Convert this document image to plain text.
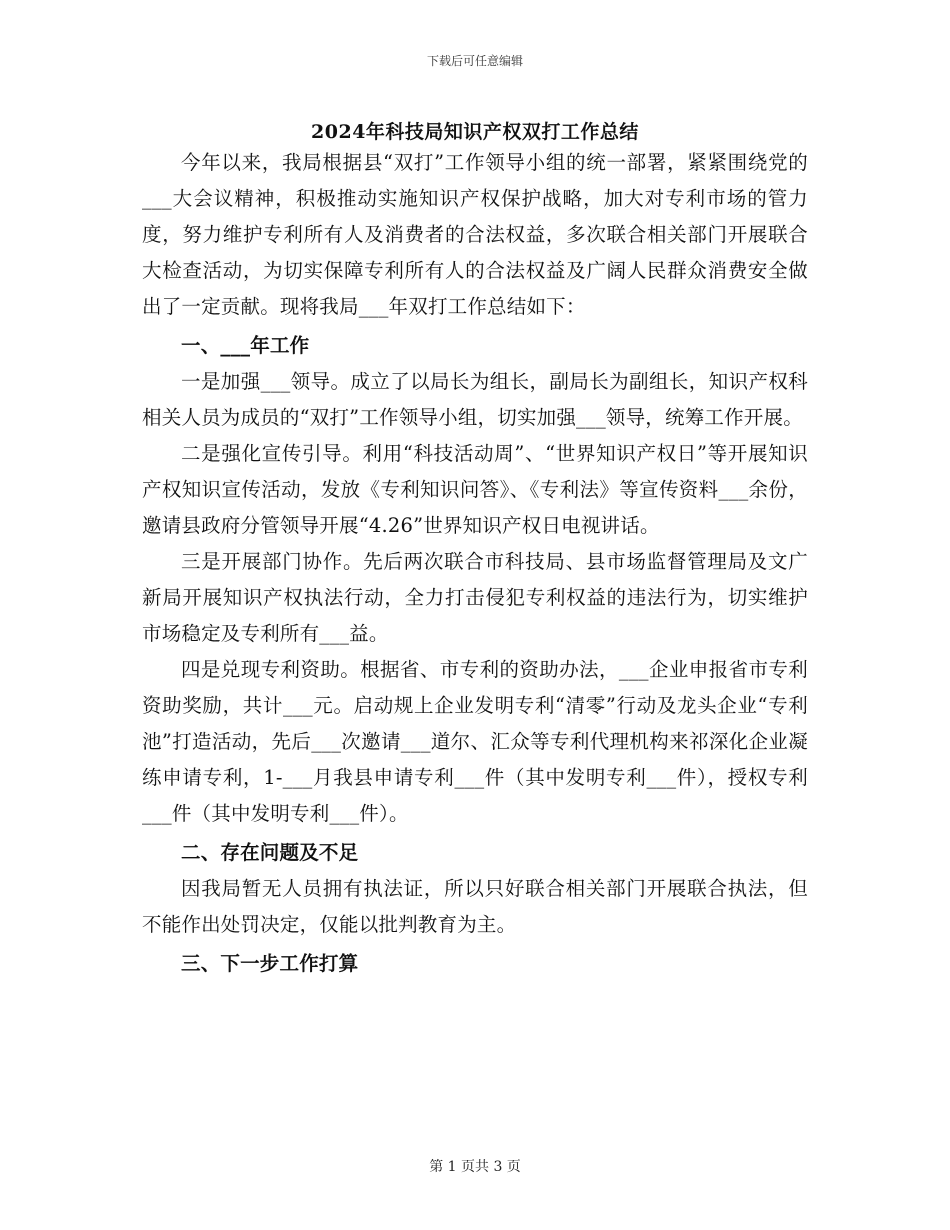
下载后可任意编辑
2024年科技局知识产权双打工作总结

今年以来，我局根据县“双打”工作领导小组的统一部署，紧紧围绕党的___大会议精神，积极推动实施知识产权保护战略，加大对专利市场的管力度，努力维护专利所有人及消费者的合法权益，多次联合相关部门开展联合大检查活动，为切实保障专利所有人的合法权益及广阔人民群众消费安全做出了一定贡献。现将我局___年双打工作总结如下：

一、___年工作

一是加强___领导。成立了以局长为组长，副局长为副组长，知识产权科相关人员为成员的“双打”工作领导小组，切实加强___领导，统筹工作开展。

二是强化宣传引导。利用“科技活动周”、“世界知识产权日”等开展知识产权知识宣传活动，发放《专利知识问答》、《专利法》等宣传资料___余份，邀请县政府分管领导开展“4.26”世界知识产权日电视讲话。

三是开展部门协作。先后两次联合市科技局、县市场监督管理局及文广新局开展知识产权执法行动，全力打击侵犯专利权益的违法行为，切实维护市场稳定及专利所有___益。

四是兑现专利资助。根据省、市专利的资助办法，___企业申报省市专利资助奖励，共计___元。启动规上企业发明专利“清零”行动及龙头企业“专利池”打造活动，先后___次邀请___道尔、汇众等专利代理机构来祁深化企业凝练申请专利，1-___月我县申请专利___件（其中发明专利___件），授权专利___件（其中发明专利___件）。

二、存在问题及不足

因我局暂无人员拥有执法证，所以只好联合相关部门开展联合执法，但不能作出处罚决定，仅能以批判教育为主。

三、下一步工作打算

第 1 页共 3 页
